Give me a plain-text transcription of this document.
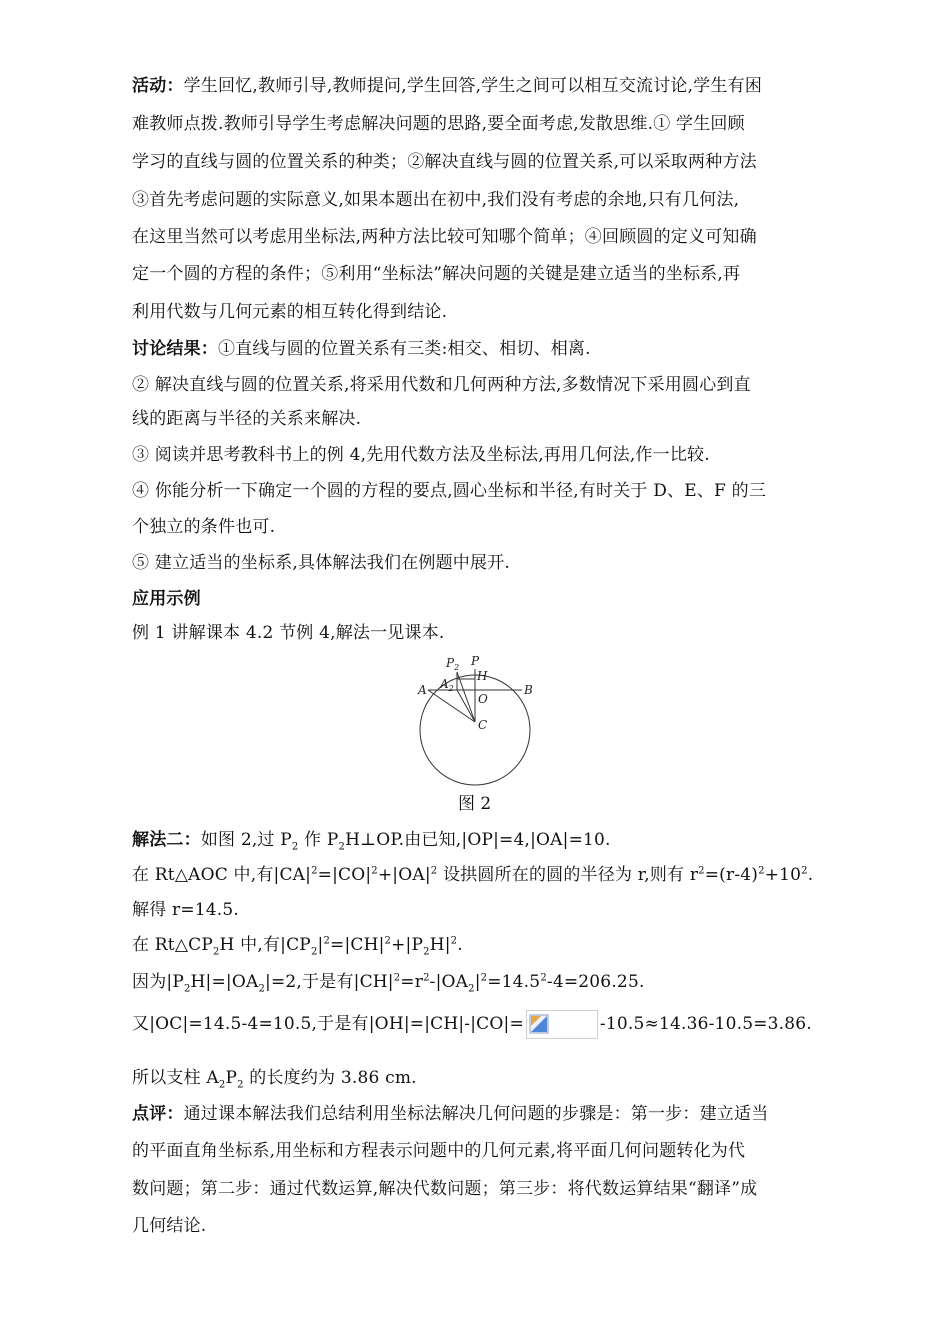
活动：学生回忆,教师引导,教师提问,学生回答,学生之间可以相互交流讨论,学生有困
难教师点拨.教师引导学生考虑解决问题的思路,要全面考虑,发散思维.① 学生回顾
学习的直线与圆的位置关系的种类；②解决直线与圆的位置关系,可以采取两种方法
③首先考虑问题的实际意义,如果本题出在初中,我们没有考虑的余地,只有几何法,
在这里当然可以考虑用坐标法,两种方法比较可知哪个简单；④回顾圆的定义可知确
定一个圆的方程的条件；⑤利用“坐标法”解决问题的关键是建立适当的坐标系,再
利用代数与几何元素的相互转化得到结论.
讨论结果：①直线与圆的位置关系有三类:相交、相切、相离.
② 解决直线与圆的位置关系,将采用代数和几何两种方法,多数情况下采用圆心到直
线的距离与半径的关系来解决.
③ 阅读并思考教科书上的例 4,先用代数方法及坐标法,再用几何法,作一比较.
④ 你能分析一下确定一个圆的方程的要点,圆心坐标和半径,有时关于 D、E、F 的三
个独立的条件也可.
⑤ 建立适当的坐标系,具体解法我们在例题中展开.
应用示例
例 1 讲解课本 4.2 节例 4,解法一见课本.
$P_2$ P
H
A $A_2$
O
B
C
图 2
解法二：如图 2,过 $P_2$ 作 $P_2H\perp OP$.由已知,|OP|=4,|OA|=10.
在 Rt△AOC 中,有$|CA|^2=|CO|^2+|OA|^2$ 设拱圆所在的圆的半径为 r,则有 $r^2=(r-4)^2+10^2$.
解得 r=14.5.
在 $Rt\triangle CP_2H$ 中,有$|CP_2|^2=|CH|^2+|P_2H|^2$.
因为$|P_2H|=|OA_2|=2$,于是有$|CH|^2=r^2-|OA_2|^2=14.5^2-4=206.25$.
又|OC|=14.5-4=10.5,于是有|OH|=|CH|-|CO|=	-10.5≈14.36-10.5=3.86.
所以支柱 $A_2P_2$ 的长度约为 3.86 cm.
点评：通过课本解法我们总结利用坐标法解决几何问题的步骤是：第一步：建立适当
的平面直角坐标系,用坐标和方程表示问题中的几何元素,将平面几何问题转化为代
数问题；第二步：通过代数运算,解决代数问题；第三步：将代数运算结果“翻译”成
几何结论.
